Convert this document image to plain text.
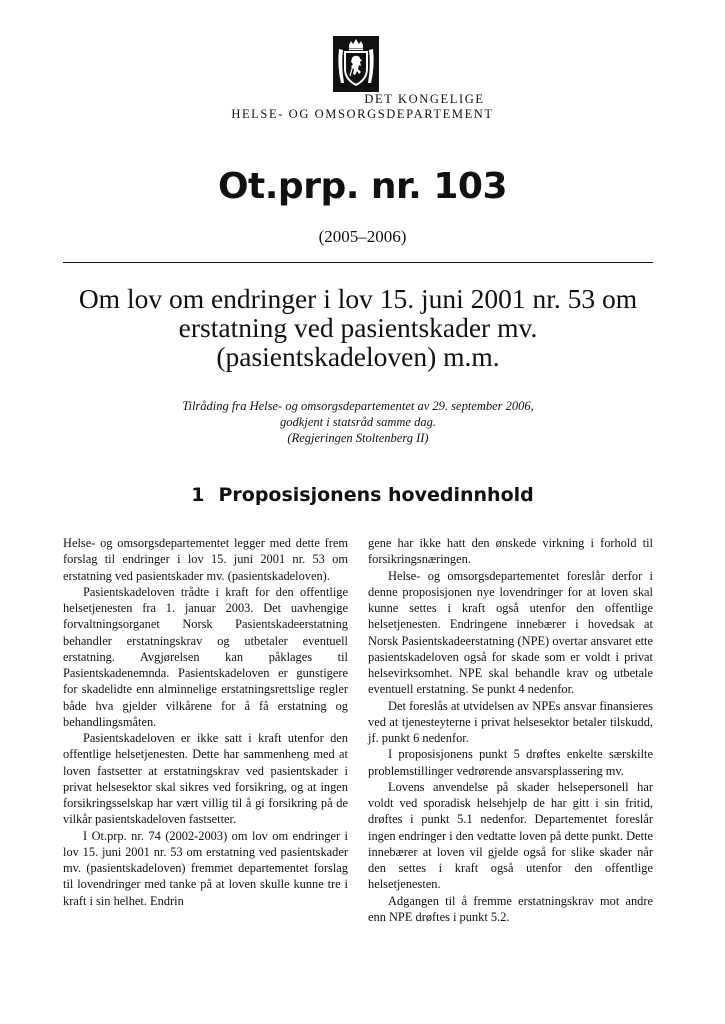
DET KONGELIGE
HELSE- OG OMSORGSDEPARTEMENT
Ot.prp. nr. 103
(2005–2006)
Om lov om endringer i lov 15. juni 2001 nr. 53 om
erstatning ved pasientskader mv.
(pasientskadeloven) m.m.
Tilråding fra Helse- og omsorgsdepartementet av 29. september 2006,
godkjent i statsråd samme dag.
(Regjeringen Stoltenberg II)
1 Proposisjonens hovedinnhold

Helse- og omsorgsdepartementet legger med dette frem forslag til endringer i lov 15. juni 2001 nr. 53 om erstatning ved pasientskader mv. (pasientskadeloven).

Pasientskadeloven trådte i kraft for den offentlige helsetjenesten fra 1. januar 2003. Det uavhengige forvaltningsorganet Norsk Pasientskadeerstatning behandler erstatningskrav og utbetaler eventuell erstatning. Avgjørelsen kan påklages til Pasientskadenemnda. Pasientskadeloven er gunstigere for skadelidte enn alminnelige erstatningsrettslige regler både hva gjelder vilkårene for å få erstatning og behandlingsmåten.

Pasientskadeloven er ikke satt i kraft utenfor den offentlige helsetjenesten. Dette har sammenheng med at loven fastsetter at erstatningskrav ved pasientskader i privat helsesektor skal sikres ved forsikring, og at ingen forsikringsselskap har vært villig til å gi forsikring på de vilkår pasientskadeloven fastsetter.

I Ot.prp. nr. 74 (2002-2003) om lov om endringer i lov 15. juni 2001 nr. 53 om erstatning ved pasientskader mv. (pasientskadeloven) fremmet departementet forslag til lovendringer med tanke på at loven skulle kunne tre i kraft i sin helhet. Endrin

gene har ikke hatt den ønskede virkning i forhold til forsikringsnæringen.

Helse- og omsorgsdepartementet foreslår derfor i denne proposisjonen nye lovendringer for at loven skal kunne settes i kraft også utenfor den offentlige helsetjenesten. Endringene innebærer i hovedsak at Norsk Pasientskadeerstatning (NPE) overtar ansvaret ette pasientskadeloven også for skade som er voldt i privat helsevirksomhet. NPE skal behandle krav og utbetale eventuell erstatning. Se punkt 4 nedenfor.

Det foreslås at utvidelsen av NPEs ansvar finansieres ved at tjenesteyterne i privat helsesektor betaler tilskudd, jf. punkt 6 nedenfor.

I proposisjonens punkt 5 drøftes enkelte særskilte problemstillinger vedrørende ansvarsplassering mv.

Lovens anvendelse på skader helsepersonell har voldt ved sporadisk helsehjelp de har gitt i sin fritid, drøftes i punkt 5.1 nedenfor. Departementet foreslår ingen endringer i den vedtatte loven på dette punkt. Dette innebærer at loven vil gjelde også for slike skader når den settes i kraft også utenfor den offentlige helsetjenesten.

Adgangen til å fremme erstatningskrav mot andre enn NPE drøftes i punkt 5.2.
